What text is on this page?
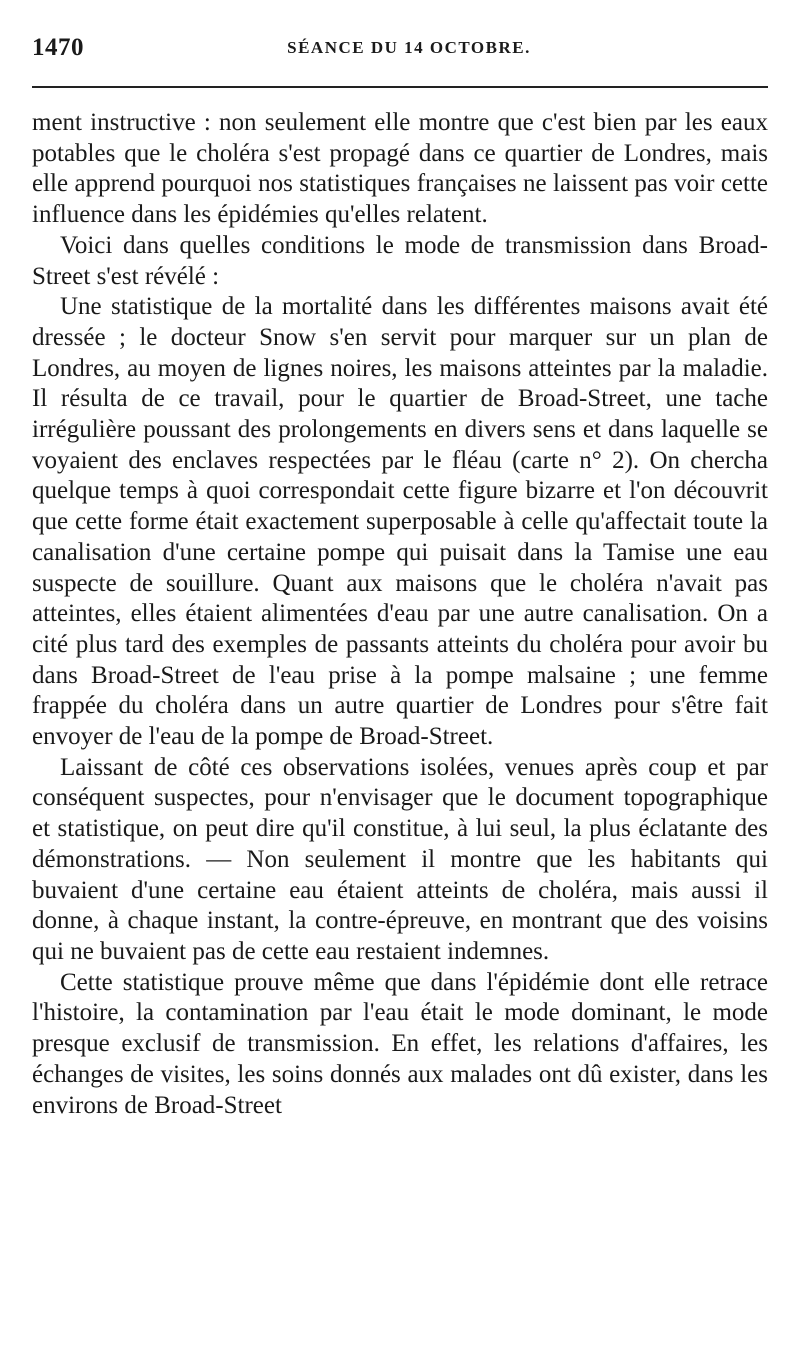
1470	SÉANCE DU 14 OCTOBRE.

ment instructive : non seulement elle montre que c'est bien par les eaux potables que le choléra s'est propagé dans ce quartier de Londres, mais elle apprend pourquoi nos statistiques françaises ne laissent pas voir cette influence dans les épidémies qu'elles relatent.

Voici dans quelles conditions le mode de transmission dans Broad-Street s'est révélé :

Une statistique de la mortalité dans les différentes maisons avait été dressée ; le docteur Snow s'en servit pour marquer sur un plan de Londres, au moyen de lignes noires, les maisons atteintes par la maladie. Il résulta de ce travail, pour le quartier de Broad-Street, une tache irrégulière poussant des prolongements en divers sens et dans laquelle se voyaient des enclaves respectées par le fléau (carte n° 2). On chercha quelque temps à quoi correspondait cette figure bizarre et l'on découvrit que cette forme était exactement superposable à celle qu'affectait toute la canalisation d'une certaine pompe qui puisait dans la Tamise une eau suspecte de souillure. Quant aux maisons que le choléra n'avait pas atteintes, elles étaient alimentées d'eau par une autre canalisation. On a cité plus tard des exemples de passants atteints du choléra pour avoir bu dans Broad-Street de l'eau prise à la pompe malsaine ; une femme frappée du choléra dans un autre quartier de Londres pour s'être fait envoyer de l'eau de la pompe de Broad-Street.

Laissant de côté ces observations isolées, venues après coup et par conséquent suspectes, pour n'envisager que le document topographique et statistique, on peut dire qu'il constitue, à lui seul, la plus éclatante des démonstrations. — Non seulement il montre que les habitants qui buvaient d'une certaine eau étaient atteints de choléra, mais aussi il donne, à chaque instant, la contre-épreuve, en montrant que des voisins qui ne buvaient pas de cette eau restaient indemnes.

Cette statistique prouve même que dans l'épidémie dont elle retrace l'histoire, la contamination par l'eau était le mode dominant, le mode presque exclusif de transmission. En effet, les relations d'affaires, les échanges de visites, les soins donnés aux malades ont dû exister, dans les environs de Broad-Street
